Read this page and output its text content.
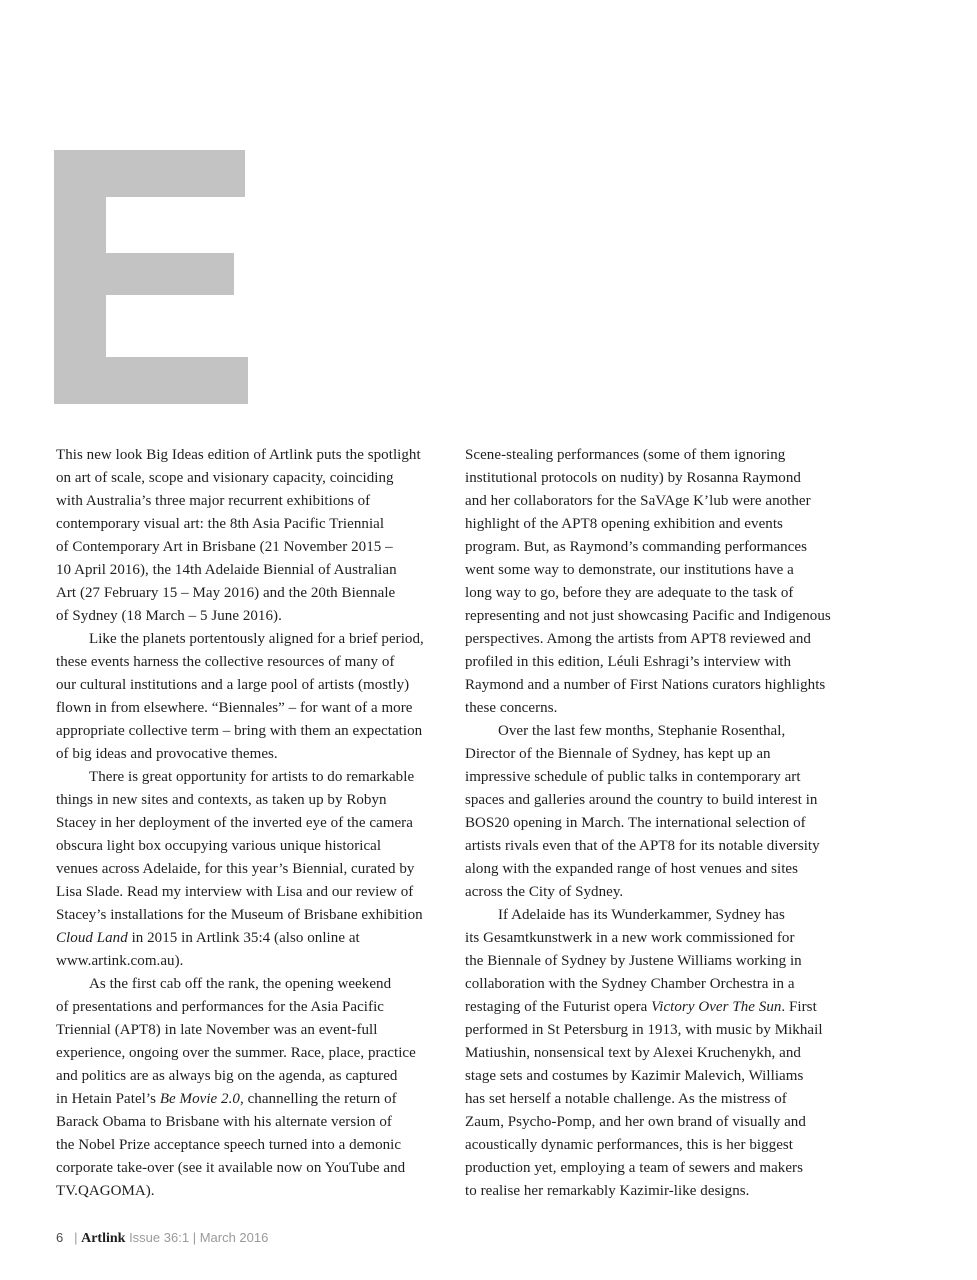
This new look Big Ideas edition of Artlink puts the spotlight
on art of scale, scope and visionary capacity, coinciding
with Australia’s three major recurrent exhibitions of
contemporary visual art: the 8th Asia Pacific Triennial
of Contemporary Art in Brisbane (21 November 2015 –
10 April 2016), the 14th Adelaide Biennial of Australian
Art (27 February 15 – May 2016) and the 20th Biennale
of Sydney (18 March – 5 June 2016).

Like the planets portentously aligned for a brief period,
these events harness the collective resources of many of
our cultural institutions and a large pool of artists (mostly)
flown in from elsewhere. “Biennales” – for want of a more
appropriate collective term – bring with them an expectation
of big ideas and provocative themes.

There is great opportunity for artists to do remarkable
things in new sites and contexts, as taken up by Robyn
Stacey in her deployment of the inverted eye of the camera
obscura light box occupying various unique historical
venues across Adelaide, for this year’s Biennial, curated by
Lisa Slade. Read my interview with Lisa and our review of
Stacey’s installations for the Museum of Brisbane exhibition
Cloud Land in 2015 in Artlink 35:4 (also online at
www.artink.com.au).

As the first cab off the rank, the opening weekend
of presentations and performances for the Asia Pacific
Triennial (APT8) in late November was an event-full
experience, ongoing over the summer. Race, place, practice
and politics are as always big on the agenda, as captured
in Hetain Patel’s Be Movie 2.0, channelling the return of
Barack Obama to Brisbane with his alternate version of
the Nobel Prize acceptance speech turned into a demonic
corporate take-over (see it available now on YouTube and
TV.QAGOMA).

Scene-stealing performances (some of them ignoring
institutional protocols on nudity) by Rosanna Raymond
and her collaborators for the SaVAge K’lub were another
highlight of the APT8 opening exhibition and events
program. But, as Raymond’s commanding performances
went some way to demonstrate, our institutions have a
long way to go, before they are adequate to the task of
representing and not just showcasing Pacific and Indigenous
perspectives. Among the artists from APT8 reviewed and
profiled in this edition, Léuli Eshragi’s interview with
Raymond and a number of First Nations curators highlights
these concerns.

Over the last few months, Stephanie Rosenthal,
Director of the Biennale of Sydney, has kept up an
impressive schedule of public talks in contemporary art
spaces and galleries around the country to build interest in
BOS20 opening in March. The international selection of
artists rivals even that of the APT8 for its notable diversity
along with the expanded range of host venues and sites
across the City of Sydney.

If Adelaide has its Wunderkammer, Sydney has
its Gesamtkunstwerk in a new work commissioned for
the Biennale of Sydney by Justene Williams working in
collaboration with the Sydney Chamber Orchestra in a
restaging of the Futurist opera Victory Over The Sun. First
performed in St Petersburg in 1913, with music by Mikhail
Matiushin, nonsensical text by Alexei Kruchenykh, and
stage sets and costumes by Kazimir Malevich, Williams
has set herself a notable challenge. As the mistress of
Zaum, Psycho-Pomp, and her own brand of visually and
acoustically dynamic performances, this is her biggest
production yet, employing a team of sewers and makers
to realise her remarkably Kazimir-like designs.

6 | Artlink Issue 36:1 | March 2016
